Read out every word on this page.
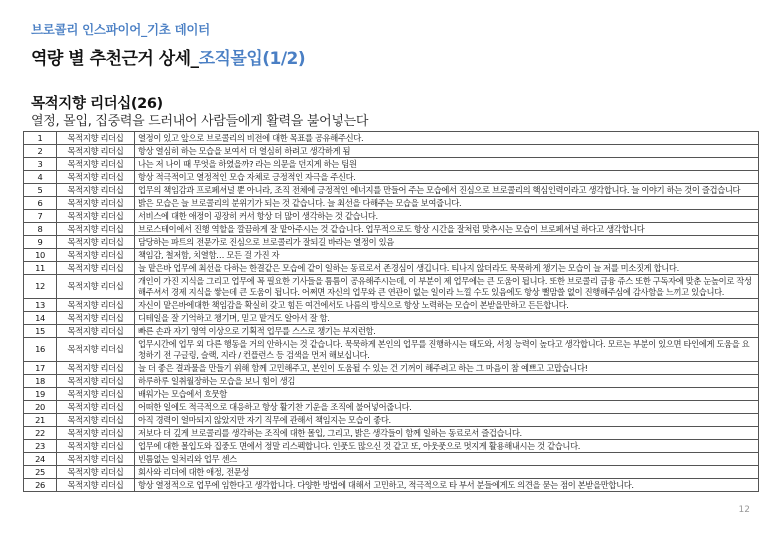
브로콜리 인스파이어_기초 데이터
역량 별 추천근거 상세_조직몰입(1/2)
목적지향 리더십(26)
열정, 몰입, 집중력을 드러내어 사람들에게 활력을 불어넣는다
1	목적지향 리더십	열정이 있고 앞으로 브로콜리의 비전에 대한 목표를 공유해주신다.
2	목적지향 리더십	항상 열심히 하는 모습을 보여서 더 열심히 하려고 생각하게 됨
3	목적지향 리더십	나는 저 나이 때 무엇을 하였을까? 라는 의문을 던지게 하는 팀원
4	목적지향 리더십	항상 적극적이고 열정적인 모습 자체로 긍정적인 자극을 주신다.
5	목적지향 리더십	업무의 책임감과 프로페셔널 뿐 아니라, 조직 전체에 긍정적인 에너지를 만들어 주는 모습에서 진심으로 브로콜리의 핵심인력이라고 생각합니다. 늘 이야기 하는 것이 즐겁습니다
6	목적지향 리더십	밝은 모습은 늘 브로콜리의 분위기가 되는 것 같습니다. 늘 최선을 다해주는 모습을 보여줍니다.
7	목적지향 리더십	서비스에 대한 애정이 굉장히 커서 항상 더 많이 생각하는 것 같습니다.
8	목적지향 리더십	브로스테이에서 진행 역할을 깔끔하게 잘 맡아주시는 것 같습니다. 업무적으로도 항상 시간을 잘처럼 맞추시는 모습이 브로페셔널 하다고 생각합니다
9	목적지향 리더십	담당하는 파트의 전문가로 진심으로 브로콜리가 잘되길 바라는 열정이 있음
10	목적지향 리더십	책임감, 철저함, 치열함… 모든 걸 가진 자
11	목적지향 리더십	늘 맡은바 업무에 최선을 다하는 한결같은 모습에 같이 일하는 동료로서 존경심이 생깁니다. 티나지 않더라도 묵묵하게 챙기는 모습이 늘 저를 미소짓게 합니다.
12	목적지향 리더십	개인이 가진 지식을 그리고 업무에 꼭 필요한 기사들을 틈틈이 공유해주시는데, 이 부분이 제 업무에는 큰 도움이 됩니다. 또한 브로콜리 금융 쥬스 또한 구독자에 맞춘 눈높이로 작성해주셔서 경제 지식을 쌓는데 큰 도움이 됩니다. 어쩌면 자신의 업무와 큰 연관이 없는 일이라 느낄 수도 있음에도 항상 뻘맘쓸 없이 진행해주심에 감사함을 느끼고 있습니다.
13	목적지향 리더십	자신이 맡은바에대한 책임감을 확실히 갖고 힘든 여건에서도 나름의 방식으로 항상 노력하는 모습이 본받을만하고 든든합니다.
14	목적지향 리더십	디테일을 잘 기억하고 챙기며, 믿고 맡겨도 알아서 잘 함.
15	목적지향 리더십	빠른 손과 자기 영역 이상으로 기획적 업무를 스스로 챙기는 부지런함.
16	목적지향 리더십	업무시간에 업무 외 다른 행동을 거의 안하시는 것 같습니다. 묵묵하게 본인의 업무를 진행하시는 태도와, 서칭 능력이 높다고 생각합니다. 모르는 부분이 있으면 타인에게 도움을 요청하기 전 구글링, 슬랙, 지라 / 컨플런스 등 검색을 먼저 해보십니다.
17	목적지향 리더십	늘 더 좋은 결과물을 만들기 위해 함께 고민해주고, 본인이 도움될 수 있는 건 기꺼이 해주려고 하는 그 마음이 참 예쁘고 고맙습니다!
18	목적지향 리더십	하루하루 일취월장하는 모습을 보니 힘이 생김
19	목적지향 리더십	배워가는 모습에서 흐뭇함
20	목적지향 리더십	어떠한 일에도 적극적으로 대응하고 항상 활기찬 기운을 조직에 불어넣어줍니다.
21	목적지향 리더십	아직 경력이 얼마되지 않았지만 자기 직무에 관해서 책임지는 모습이 좋다.
22	목적지향 리더십	저보다 더 깊게 브로콜리를 생각하는 조직에 대한 몰입, 그리고, 밝은 생각들이 함께 일하는 동료로서 즐겁습니다.
23	목적지향 리더십	업무에 대한 몰입도와 집중도 면에서 정말 리스펙합니다. 인풋도 많으신 것 같고 또, 아웃풋으로 멋지게 활용해내시는 것 같습니다.
24	목적지향 리더십	빈틈없는 일처리와 업무 센스
25	목적지향 리더십	회사와 리더에 대한 애정, 전문성
26	목적지향 리더십	항상 열정적으로 업무에 임한다고 생각합니다. 다양한 방법에 대해서 고민하고, 적극적으로 타 부서 분들에게도 의견을 묻는 점이 본받을만합니다.
12
